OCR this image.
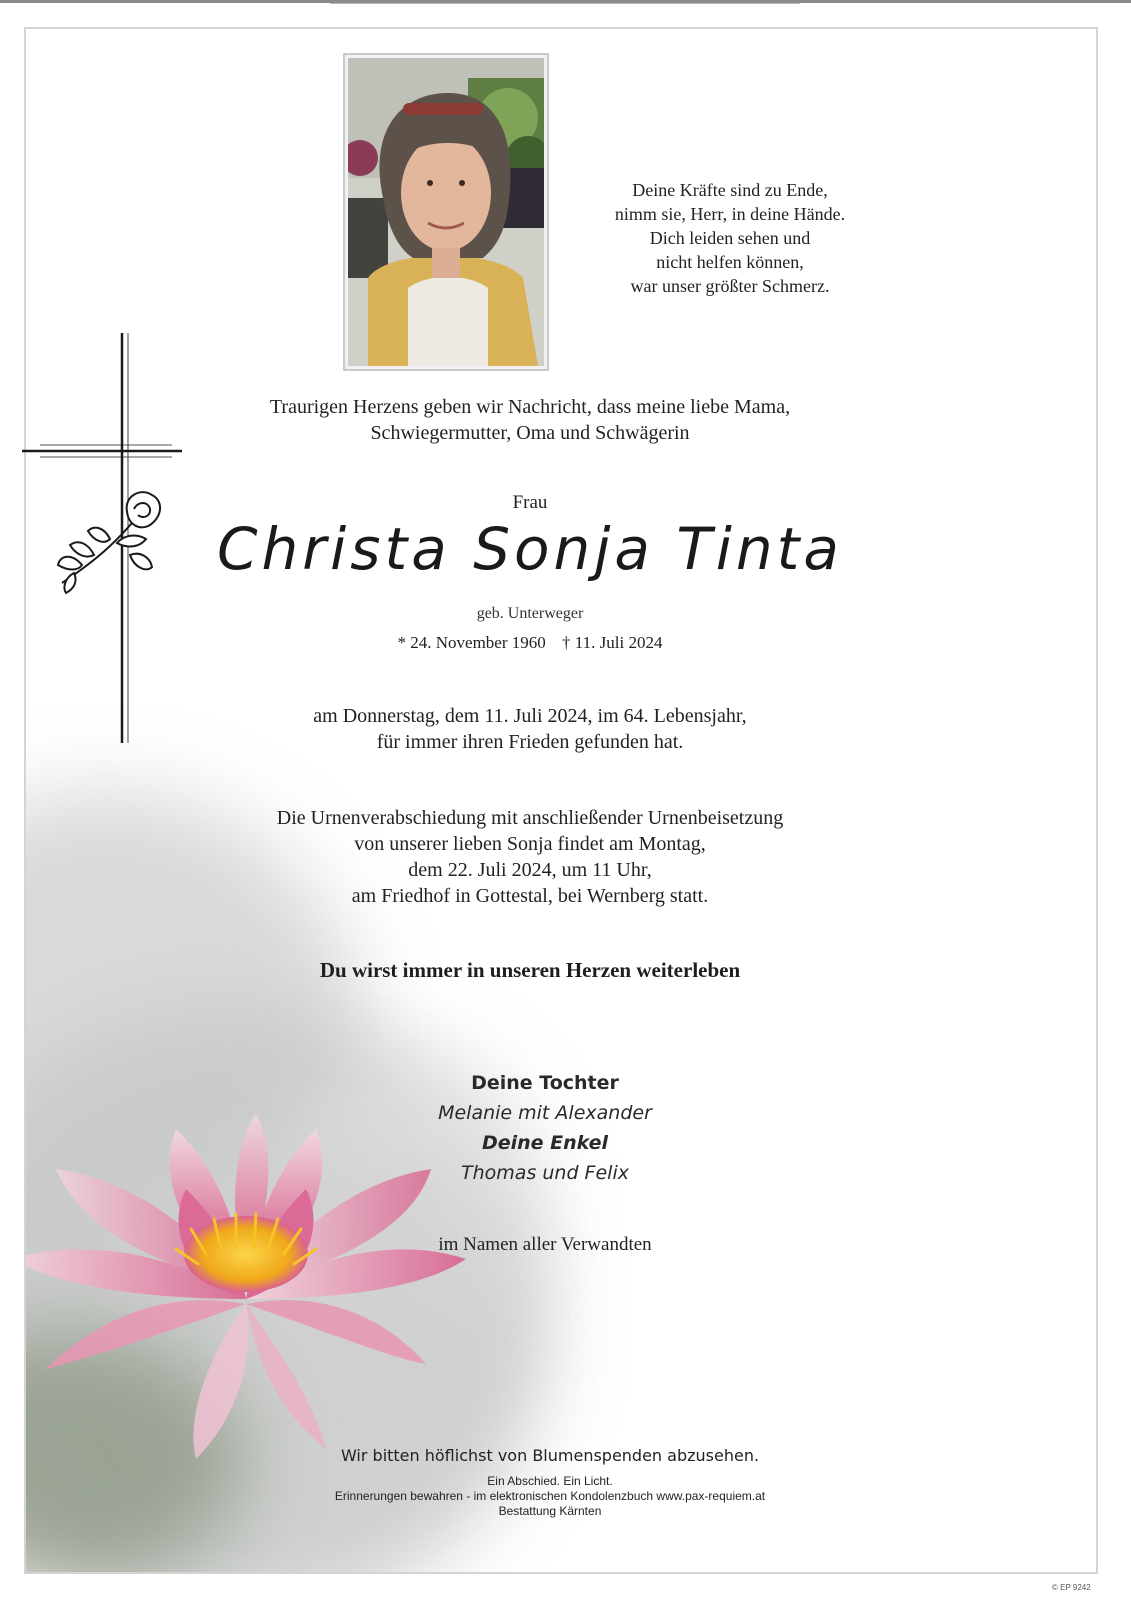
Deine Kräfte sind zu Ende,
nimm sie, Herr, in deine Hände.
Dich leiden sehen und
nicht helfen können,
war unser größter Schmerz.
Traurigen Herzens geben wir Nachricht, dass meine liebe Mama,
Schwiegermutter, Oma und Schwägerin
Frau
Christa Sonja Tinta
geb. Unterweger
* 24. November 1960 † 11. Juli 2024
am Donnerstag, dem 11. Juli 2024, im 64. Lebensjahr,
für immer ihren Frieden gefunden hat.
Die Urnenverabschiedung mit anschließender Urnenbeisetzung
von unserer lieben Sonja findet am Montag,
dem 22. Juli 2024, um 11 Uhr,
am Friedhof in Gottestal, bei Wernberg statt.
Du wirst immer in unseren Herzen weiterleben
Deine Tochter
Melanie mit Alexander
Deine Enkel
Thomas und Felix
im Namen aller Verwandten
Wir bitten höflichst von Blumenspenden abzusehen.
Ein Abschied. Ein Licht.
Erinnerungen bewahren - im elektronischen Kondolenzbuch www.pax-requiem.at
Bestattung Kärnten
© EP 9242
